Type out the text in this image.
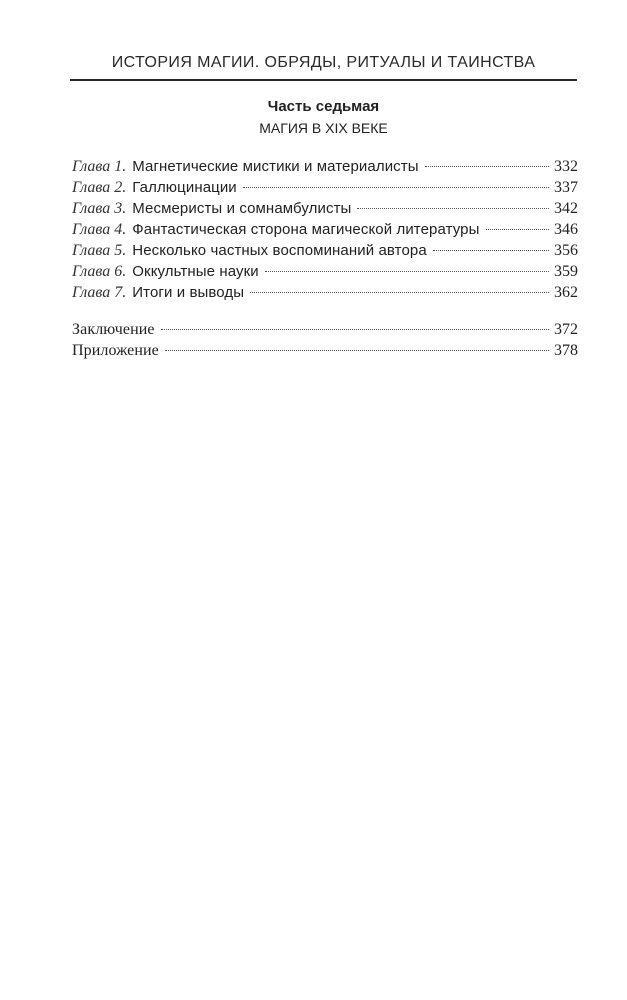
ИСТОРИЯ МАГИИ. ОБРЯДЫ, РИТУАЛЫ И ТАИНСТВА
Часть седьмая
МАГИЯ В XIX ВЕКЕ
Глава 1. Магнетические мистики и материалисты	332
Глава 2. Галлюцинации	337
Глава 3. Месмеристы и сомнамбулисты	342
Глава 4. Фантастическая сторона магической литературы	346
Глава 5. Несколько частных воспоминаний автора	356
Глава 6. Оккультные науки	359
Глава 7. Итоги и выводы	362
Заключение	372
Приложение	378
